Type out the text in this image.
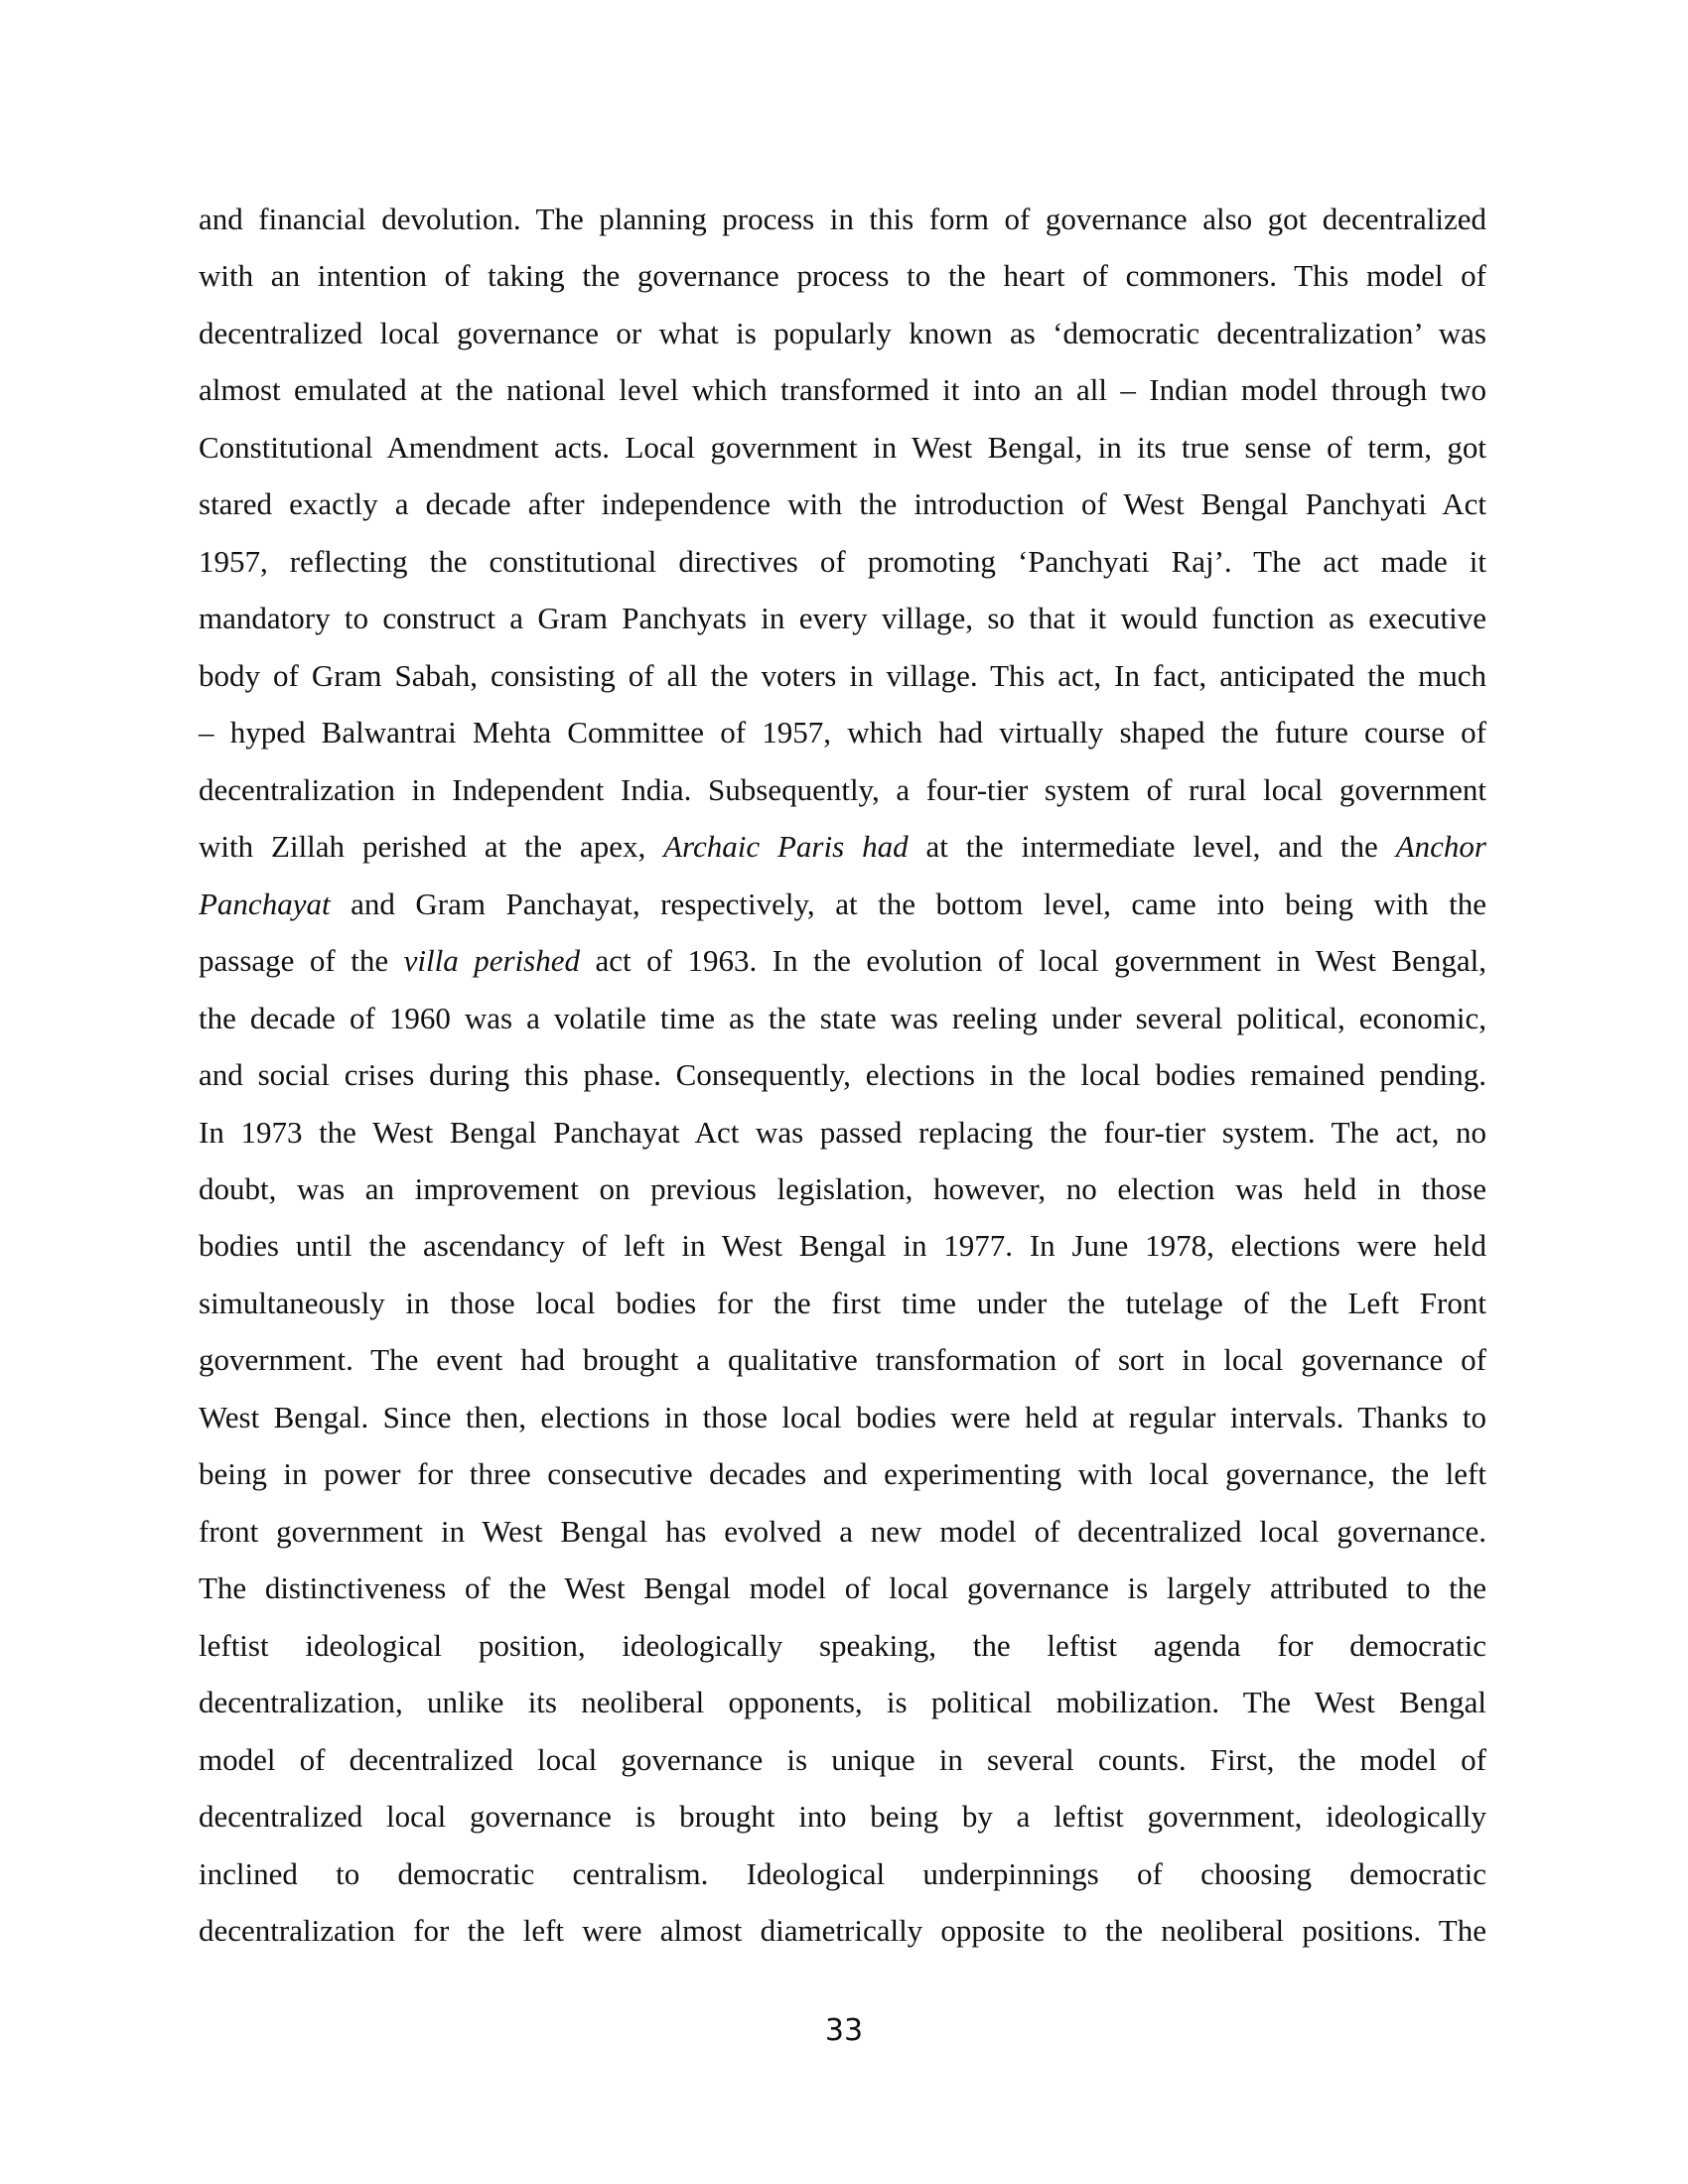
and financial devolution. The planning process in this form of governance also got decentralized
with an intention of taking the governance process to the heart of commoners. This model of
decentralized local governance or what is popularly known as ‘democratic decentralization’ was
almost emulated at the national level which transformed it into an all – Indian model through two
Constitutional Amendment acts. Local government in West Bengal, in its true sense of term, got
stared exactly a decade after independence with the introduction of West Bengal Panchyati Act
1957, reflecting the constitutional directives of promoting ‘Panchyati Raj’. The act made it
mandatory to construct a Gram Panchyats in every village, so that it would function as executive
body of Gram Sabah, consisting of all the voters in village. This act, In fact, anticipated the much
– hyped Balwantrai Mehta Committee of 1957, which had virtually shaped the future course of
decentralization in Independent India. Subsequently, a four-tier system of rural local government
with Zillah perished at the apex, Archaic Paris had at the intermediate level, and the Anchor
Panchayat and Gram Panchayat, respectively, at the bottom level, came into being with the
passage of the villa perished act of 1963. In the evolution of local government in West Bengal,
the decade of 1960 was a volatile time as the state was reeling under several political, economic,
and social crises during this phase. Consequently, elections in the local bodies remained pending.
In 1973 the West Bengal Panchayat Act was passed replacing the four-tier system. The act, no
doubt, was an improvement on previous legislation, however, no election was held in those
bodies until the ascendancy of left in West Bengal in 1977. In June 1978, elections were held
simultaneously in those local bodies for the first time under the tutelage of the Left Front
government. The event had brought a qualitative transformation of sort in local governance of
West Bengal. Since then, elections in those local bodies were held at regular intervals. Thanks to
being in power for three consecutive decades and experimenting with local governance, the left
front government in West Bengal has evolved a new model of decentralized local governance.
The distinctiveness of the West Bengal model of local governance is largely attributed to the
leftist ideological position, ideologically speaking, the leftist agenda for democratic
decentralization, unlike its neoliberal opponents, is political mobilization. The West Bengal
model of decentralized local governance is unique in several counts. First, the model of
decentralized local governance is brought into being by a leftist government, ideologically
inclined to democratic centralism. Ideological underpinnings of choosing democratic
decentralization for the left were almost diametrically opposite to the neoliberal positions. The
33
